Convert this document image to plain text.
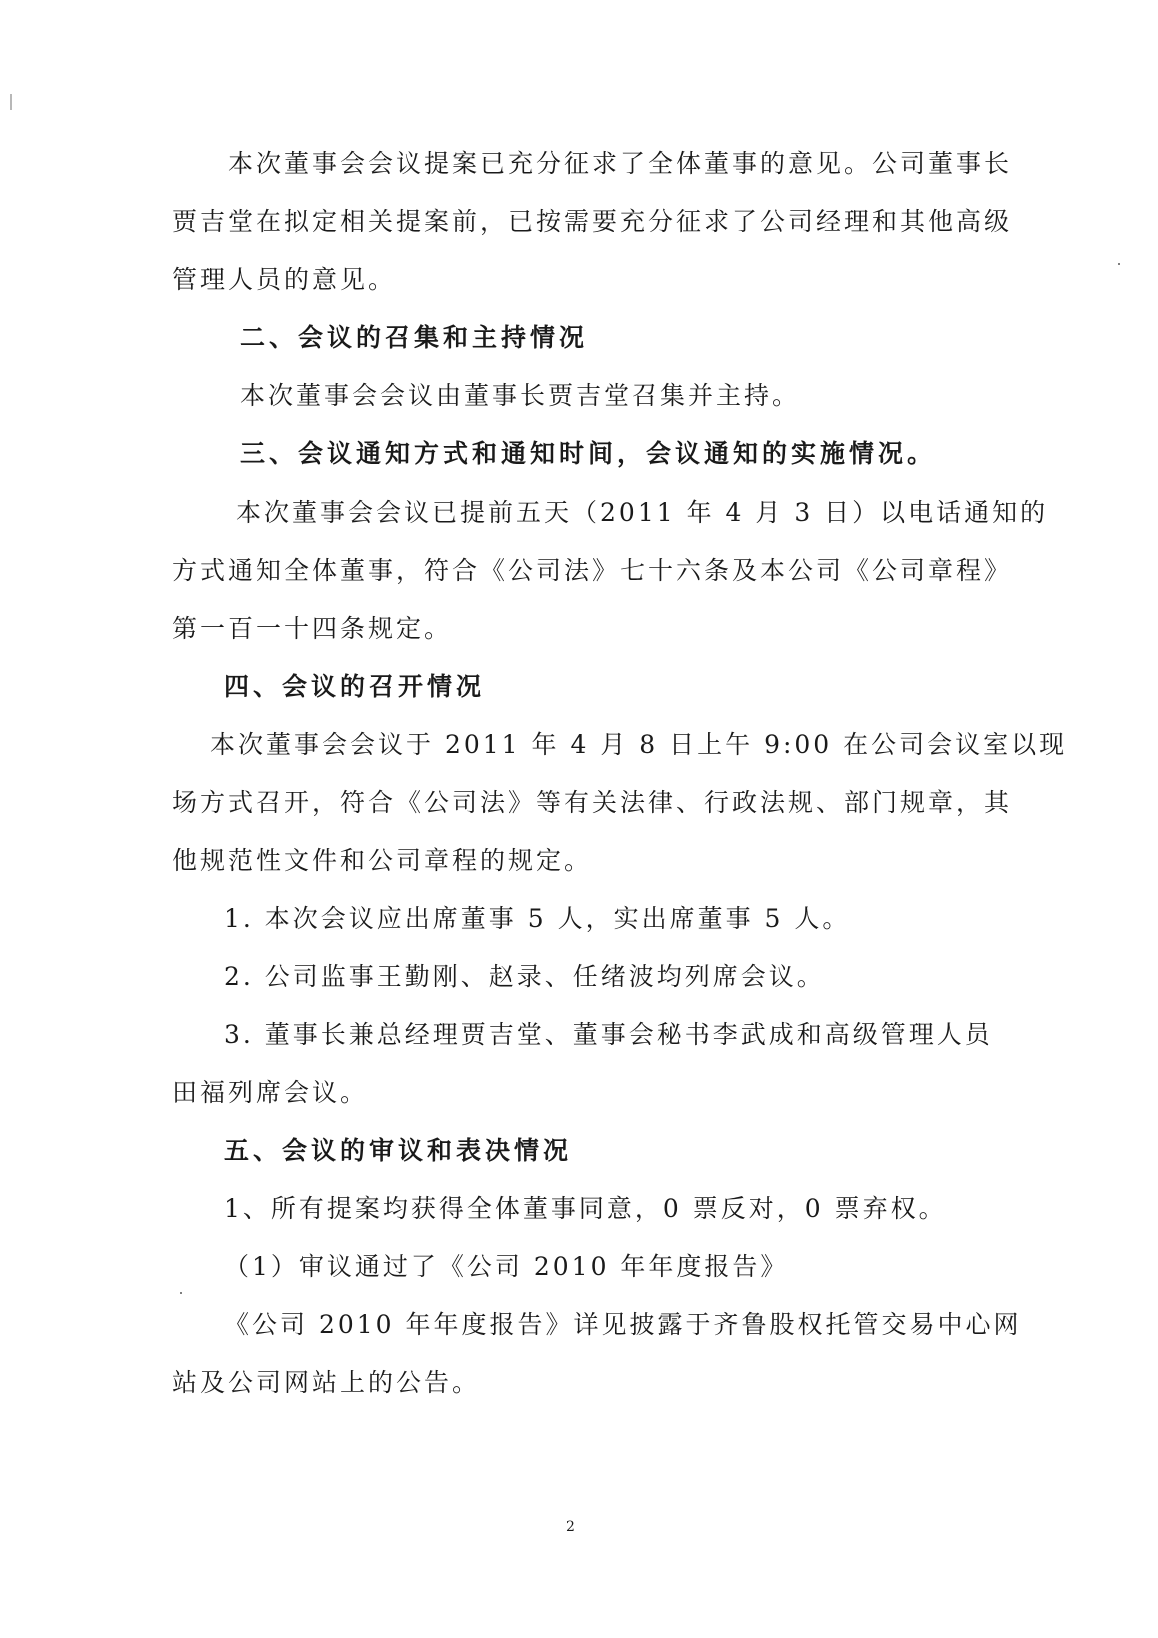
本次董事会会议提案已充分征求了全体董事的意见。公司董事长
贾吉堂在拟定相关提案前，已按需要充分征求了公司经理和其他高级
管理人员的意见。
二、会议的召集和主持情况
本次董事会会议由董事长贾吉堂召集并主持。
三、会议通知方式和通知时间，会议通知的实施情况。
本次董事会会议已提前五天（2011 年 4 月 3 日）以电话通知的
方式通知全体董事，符合《公司法》七十六条及本公司《公司章程》
第一百一十四条规定。
四、会议的召开情况
本次董事会会议于 2011 年 4 月 8 日上午 9:00 在公司会议室以现
场方式召开，符合《公司法》等有关法律、行政法规、部门规章，其
他规范性文件和公司章程的规定。
1. 本次会议应出席董事 5 人，实出席董事 5 人。
2. 公司监事王勤刚、赵录、任绪波均列席会议。
3. 董事长兼总经理贾吉堂、董事会秘书李武成和高级管理人员
田福列席会议。
五、会议的审议和表决情况
1、所有提案均获得全体董事同意，0 票反对，0 票弃权。
（1）审议通过了《公司 2010 年年度报告》
《公司 2010 年年度报告》详见披露于齐鲁股权托管交易中心网
站及公司网站上的公告。
2
